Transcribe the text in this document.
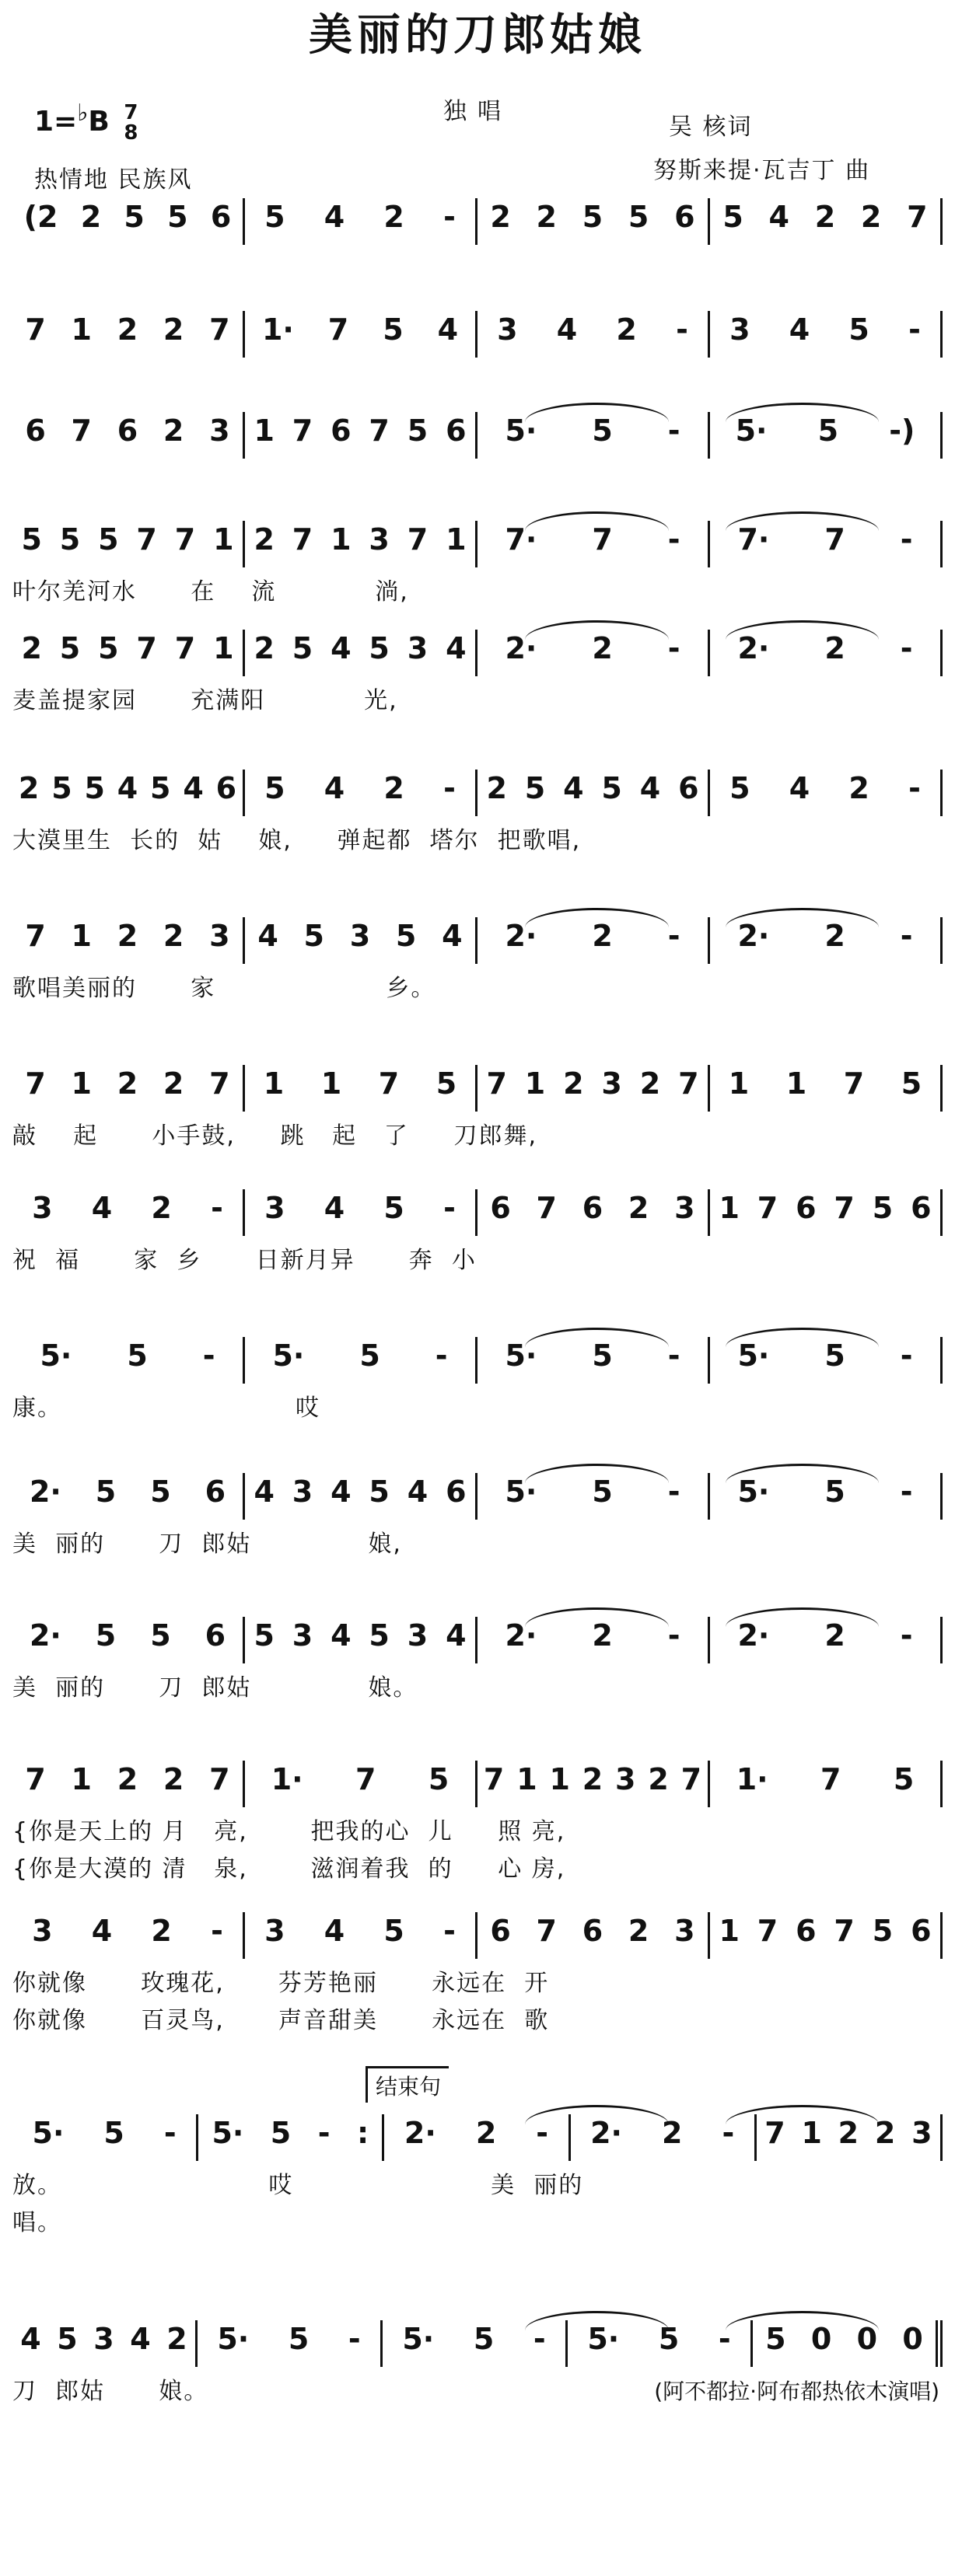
美丽的刀郎姑娘
独唱
1=♭B 7
8
热情地 民族风
吴 核词
努斯来提·瓦吉丁 曲
(2 2 5 5 6 5 4 2 - 2 2 5 5 6 5 4 2 2 7
7 1 2 2 7 1· 7 5 4 3 4 2 - 3 4 5 -
6 7 6 2 3 1 7 6 7 5 6 5· 5 - 5· 5 -)
5 5 5 7 7 1 2 7 1 3 7 1 7· 7 - 7· 7 -
叶尔羌河水      在    流           淌,
2 5 5 7 7 1 2 5 4 5 3 4 2· 2 - 2· 2 -
麦盖提家园      充满阳           光,
2 5 5 4 5 4 6 5 4 2 - 2 5 4 5 4 6 5 4 2 -
大漠里生  长的  姑    娘,     弹起都  塔尔  把歌唱,
7 1 2 2 3 4 5 3 5 4 2· 2 - 2· 2 -
歌唱美丽的      家                   乡。
7 1 2 2 7 1 1 7 5 7 1 2 3 2 7 1 1 7 5
敲    起      小手鼓,     跳   起   了     刀郎舞,
3 4 2 - 3 4 5 - 6 7 6 2 3 1 7 6 7 5 6
祝  福      家  乡      日新月异      奔  小
5· 5 - 5· 5 - 5· 5 - 5· 5 -
康。                          哎
2· 5 5 6 4 3 4 5 4 6 5· 5 - 5· 5 -
美  丽的      刀  郎姑             娘,
2· 5 5 6 5 3 4 5 3 4 2· 2 - 2· 2 -
美  丽的      刀  郎姑             娘。
7 1 2 2 7 1· 7 5 7 1 1 2 3 2 7 1· 7 5
{你是天上的 月   亮,       把我的心  儿     照 亮,
{你是大漠的 清   泉,       滋润着我  的     心 房,
3 4 2 - 3 4 5 - 6 7 6 2 3 1 7 6 7 5 6
你就像      玫瑰花,      芬芳艳丽      永远在  开
你就像      百灵鸟,      声音甜美      永远在  歌
5· 5 - 5· 5 - : 2· 2 - 2· 2 - 7 1 2 2 3
放。                       哎                      美  丽的
唱。
结束句
4 5 3 4 2 5· 5 - 5· 5 - 5· 5 - 5 0 0 0
刀  郎姑      娘。	(阿不都拉·阿布都热依木演唱)
